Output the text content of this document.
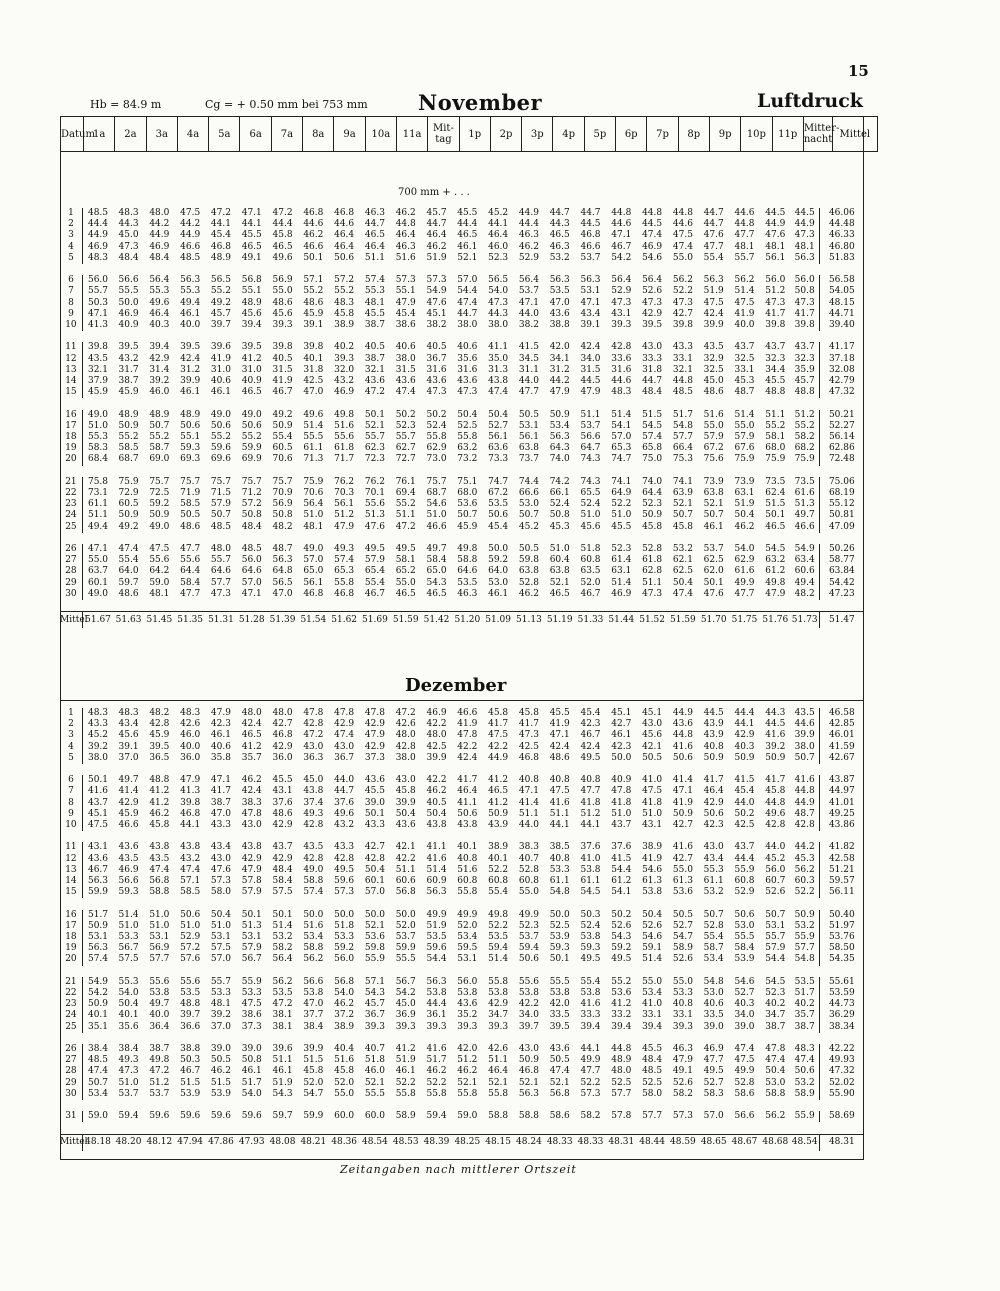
15
Hb = 84.9 m	Cg = + 0.50 mm bei 753 mm November	Luftdruck
Datum	1a	2a	3a	4a	5a	6a	7a	8a	9a	10a	11a	Mit-tag	1p	2p	3p	4p	5p	6p	7p	8p	9p	10p	11p	Mitter-nacht	Mittel
700 mm + . . .
1	48.5	48.3	48.0	47.5	47.2	47.1	47.2	46.8	46.8	46.3	46.2	45.7	45.5	45.2	44.9	44.7	44.7	44.8	44.8	44.8	44.7	44.6	44.5	44.5	46.06
2	44.4	44.3	44.2	44.2	44.1	44.1	44.4	44.6	44.6	44.7	44.8	44.7	44.4	44.1	44.4	44.3	44.5	44.6	44.5	44.6	44.7	44.8	44.9	44.9	44.48
3	44.9	45.0	44.9	44.9	45.4	45.5	45.8	46.2	46.4	46.5	46.4	46.4	46.5	46.4	46.3	46.5	46.8	47.1	47.4	47.5	47.6	47.7	47.6	47.3	46.33
4	46.9	47.3	46.9	46.6	46.8	46.5	46.5	46.6	46.4	46.4	46.3	46.2	46.1	46.0	46.2	46.3	46.6	46.7	46.9	47.4	47.7	48.1	48.1	48.1	46.80
5	48.3	48.4	48.4	48.5	48.9	49.1	49.6	50.1	50.6	51.1	51.6	51.9	52.1	52.3	52.9	53.2	53.7	54.2	54.6	55.0	55.4	55.7	56.1	56.3	51.83

6	56.0	56.6	56.4	56.3	56.5	56.8	56.9	57.1	57.2	57.4	57.3	57.3	57.0	56.5	56.4	56.3	56.3	56.4	56.4	56.2	56.3	56.2	56.0	56.0	56.58
7	55.7	55.5	55.3	55.3	55.2	55.1	55.0	55.2	55.2	55.3	55.1	54.9	54.4	54.0	53.7	53.5	53.1	52.9	52.6	52.2	51.9	51.4	51.2	50.8	54.05
8	50.3	50.0	49.6	49.4	49.2	48.9	48.6	48.6	48.3	48.1	47.9	47.6	47.4	47.3	47.1	47.0	47.1	47.3	47.3	47.3	47.5	47.5	47.3	47.3	48.15
9	47.1	46.9	46.4	46.1	45.7	45.6	45.6	45.9	45.8	45.5	45.4	45.1	44.7	44.3	44.0	43.6	43.4	43.1	42.9	42.7	42.4	41.9	41.7	41.7	44.71
10	41.3	40.9	40.3	40.0	39.7	39.4	39.3	39.1	38.9	38.7	38.6	38.2	38.0	38.0	38.2	38.8	39.1	39.3	39.5	39.8	39.9	40.0	39.8	39.8	39.40

11	39.8	39.5	39.4	39.5	39.6	39.5	39.8	39.8	40.2	40.5	40.6	40.5	40.6	41.1	41.5	42.0	42.4	42.8	43.0	43.3	43.5	43.7	43.7	43.7	41.17
12	43.5	43.2	42.9	42.4	41.9	41.2	40.5	40.1	39.3	38.7	38.0	36.7	35.6	35.0	34.5	34.1	34.0	33.6	33.3	33.1	32.9	32.5	32.3	32.3	37.18
13	32.1	31.7	31.4	31.2	31.0	31.0	31.5	31.8	32.0	32.1	31.5	31.6	31.6	31.3	31.1	31.2	31.5	31.6	31.8	32.1	32.5	33.1	34.4	35.9	32.08
14	37.9	38.7	39.2	39.9	40.6	40.9	41.9	42.5	43.2	43.6	43.6	43.6	43.6	43.8	44.0	44.2	44.5	44.6	44.7	44.8	45.0	45.3	45.5	45.7	42.79
15	45.9	45.9	46.0	46.1	46.1	46.5	46.7	47.0	46.9	47.2	47.4	47.3	47.3	47.4	47.7	47.9	47.9	48.3	48.4	48.5	48.6	48.7	48.8	48.8	47.32

16	49.0	48.9	48.9	48.9	49.0	49.0	49.2	49.6	49.8	50.1	50.2	50.2	50.4	50.4	50.5	50.9	51.1	51.4	51.5	51.7	51.6	51.4	51.1	51.2	50.21
17	51.0	50.9	50.7	50.6	50.6	50.6	50.9	51.4	51.6	52.1	52.3	52.4	52.5	52.7	53.1	53.4	53.7	54.1	54.5	54.8	55.0	55.0	55.2	55.2	52.27
18	55.3	55.2	55.2	55.1	55.2	55.2	55.4	55.5	55.6	55.7	55.7	55.8	55.8	56.1	56.1	56.3	56.6	57.0	57.4	57.7	57.9	57.9	58.1	58.2	56.14
19	58.3	58.5	58.7	59.3	59.6	59.9	60.5	61.1	61.8	62.3	62.7	62.9	63.2	63.6	63.8	64.3	64.7	65.3	65.8	66.4	67.2	67.6	68.0	68.2	62.86
20	68.4	68.7	69.0	69.3	69.6	69.9	70.6	71.3	71.7	72.3	72.7	73.0	73.2	73.3	73.7	74.0	74.3	74.7	75.0	75.3	75.6	75.9	75.9	75.9	72.48

21	75.8	75.9	75.7	75.7	75.7	75.7	75.7	75.9	76.2	76.2	76.1	75.7	75.1	74.7	74.4	74.2	74.3	74.1	74.0	74.1	73.9	73.9	73.5	73.5	75.06
22	73.1	72.9	72.5	71.9	71.5	71.2	70.9	70.6	70.3	70.1	69.4	68.7	68.0	67.2	66.6	66.1	65.5	64.9	64.4	63.9	63.8	63.1	62.4	61.6	68.19
23	61.1	60.5	59.2	58.5	57.9	57.2	56.9	56.4	56.1	55.6	55.2	54.6	53.6	53.5	53.0	52.4	52.4	52.2	52.3	52.1	52.1	51.9	51.5	51.3	55.12
24	51.1	50.9	50.9	50.5	50.7	50.8	50.8	51.0	51.2	51.3	51.1	51.0	50.7	50.6	50.7	50.8	51.0	51.0	50.9	50.7	50.7	50.4	50.1	49.7	50.81
25	49.4	49.2	49.0	48.6	48.5	48.4	48.2	48.1	47.9	47.6	47.2	46.6	45.9	45.4	45.2	45.3	45.6	45.5	45.8	45.8	46.1	46.2	46.5	46.6	47.09

26	47.1	47.4	47.5	47.7	48.0	48.5	48.7	49.0	49.3	49.5	49.5	49.7	49.8	50.0	50.5	51.0	51.8	52.3	52.8	53.2	53.7	54.0	54.5	54.9	50.26
27	55.0	55.4	55.6	55.6	55.7	56.0	56.3	57.0	57.4	57.9	58.1	58.4	58.8	59.2	59.8	60.4	60.8	61.4	61.8	62.1	62.5	62.9	63.2	63.4	58.77
28	63.7	64.0	64.2	64.4	64.6	64.6	64.8	65.0	65.3	65.4	65.2	65.0	64.6	64.0	63.8	63.8	63.5	63.1	62.8	62.5	62.0	61.6	61.2	60.6	63.84
29	60.1	59.7	59.0	58.4	57.7	57.0	56.5	56.1	55.8	55.4	55.0	54.3	53.5	53.0	52.8	52.1	52.0	51.4	51.1	50.4	50.1	49.9	49.8	49.4	54.42
30	49.0	48.6	48.1	47.7	47.3	47.1	47.0	46.8	46.8	46.7	46.5	46.5	46.3	46.1	46.2	46.5	46.7	46.9	47.3	47.4	47.6	47.7	47.9	48.2	47.23

Mittel	51.67	51.63	51.45	51.35	51.31	51.28	51.39	51.54	51.62	51.69	51.59	51.42	51.20	51.09	51.13	51.19	51.33	51.44	51.52	51.59	51.70	51.75	51.76	51.73	51.47
Dezember
1	48.3	48.3	48.2	48.3	47.9	48.0	48.0	47.8	47.8	47.8	47.2	46.9	46.6	45.8	45.8	45.5	45.4	45.1	45.1	44.9	44.5	44.4	44.3	43.5	46.58
2	43.3	43.4	42.8	42.6	42.3	42.4	42.7	42.8	42.9	42.9	42.6	42.2	41.9	41.7	41.7	41.9	42.3	42.7	43.0	43.6	43.9	44.1	44.5	44.6	42.85
3	45.2	45.6	45.9	46.0	46.1	46.5	46.8	47.2	47.4	47.9	48.0	48.0	47.8	47.5	47.3	47.1	46.7	46.1	45.6	44.8	43.9	42.9	41.6	39.9	46.01
4	39.2	39.1	39.5	40.0	40.6	41.2	42.9	43.0	43.0	42.9	42.8	42.5	42.2	42.2	42.5	42.4	42.4	42.3	42.1	41.6	40.8	40.3	39.2	38.0	41.59
5	38.0	37.0	36.5	36.0	35.8	35.7	36.0	36.3	36.7	37.3	38.0	39.9	42.4	44.9	46.8	48.6	49.5	50.0	50.5	50.6	50.9	50.9	50.9	50.7	42.67

6	50.1	49.7	48.8	47.9	47.1	46.2	45.5	45.0	44.0	43.6	43.0	42.2	41.7	41.2	40.8	40.8	40.8	40.9	41.0	41.4	41.7	41.5	41.7	41.6	43.87
7	41.6	41.4	41.2	41.3	41.7	42.4	43.1	43.8	44.7	45.5	45.8	46.2	46.4	46.5	47.1	47.5	47.7	47.8	47.5	47.1	46.4	45.4	45.8	44.8	44.97
8	43.7	42.9	41.2	39.8	38.7	38.3	37.6	37.4	37.6	39.0	39.9	40.5	41.1	41.2	41.4	41.6	41.8	41.8	41.8	41.9	42.9	44.0	44.8	44.9	41.01
9	45.1	45.9	46.2	46.8	47.0	47.8	48.6	49.3	49.6	50.1	50.4	50.4	50.6	50.9	51.1	51.1	51.2	51.0	51.0	50.9	50.6	50.2	49.6	48.7	49.25
10	47.5	46.6	45.8	44.1	43.3	43.0	42.9	42.8	43.2	43.3	43.6	43.8	43.8	43.9	44.0	44.1	44.1	43.7	43.1	42.7	42.3	42.5	42.8	42.8	43.86

11	43.1	43.6	43.8	43.8	43.4	43.8	43.7	43.5	43.3	42.7	42.1	41.1	40.1	38.9	38.3	38.5	37.6	37.6	38.9	41.6	43.0	43.7	44.0	44.2	41.82
12	43.6	43.5	43.5	43.2	43.0	42.9	42.9	42.8	42.8	42.8	42.2	41.6	40.8	40.1	40.7	40.8	41.0	41.5	41.9	42.7	43.4	44.4	45.2	45.3	42.58
13	46.7	46.9	47.4	47.4	47.6	47.9	48.4	49.0	49.5	50.4	51.1	51.4	51.6	52.2	52.8	53.3	53.8	54.4	54.6	55.0	55.3	55.9	56.0	56.2	51.21
14	56.3	56.6	56.8	57.1	57.3	57.8	58.4	58.8	59.6	60.1	60.6	60.9	60.8	60.8	60.8	61.1	61.1	61.2	61.3	61.3	61.1	60.8	60.7	60.3	59.57
15	59.9	59.3	58.8	58.5	58.0	57.9	57.5	57.4	57.3	57.0	56.8	56.3	55.8	55.4	55.0	54.8	54.5	54.1	53.8	53.6	53.2	52.9	52.6	52.2	56.11

16	51.7	51.4	51.0	50.6	50.4	50.1	50.1	50.0	50.0	50.0	50.0	49.9	49.9	49.8	49.9	50.0	50.3	50.2	50.4	50.5	50.7	50.6	50.7	50.9	50.40
17	50.9	51.0	51.0	51.0	51.0	51.3	51.4	51.6	51.8	52.1	52.0	51.9	52.0	52.2	52.3	52.5	52.4	52.6	52.6	52.7	52.8	53.0	53.1	53.2	51.97
18	53.1	53.3	53.1	52.9	53.1	53.1	53.2	53.4	53.3	53.6	53.7	53.5	53.4	53.5	53.7	53.9	53.8	54.3	54.6	54.7	55.4	55.5	55.7	55.9	53.76
19	56.3	56.7	56.9	57.2	57.5	57.9	58.2	58.8	59.2	59.8	59.9	59.6	59.5	59.4	59.4	59.3	59.3	59.2	59.1	58.9	58.7	58.4	57.9	57.7	58.50
20	57.4	57.5	57.7	57.6	57.0	56.7	56.4	56.2	56.0	55.9	55.5	54.4	53.1	51.4	50.6	50.1	49.5	49.5	51.4	52.6	53.4	53.9	54.4	54.8	54.35

21	54.9	55.3	55.6	55.6	55.7	55.9	56.2	56.6	56.8	57.1	56.7	56.3	56.0	55.8	55.6	55.5	55.4	55.2	55.0	55.0	54.8	54.6	54.5	53.5	55.61
22	54.2	54.0	53.8	53.5	53.3	53.3	53.5	53.8	54.0	54.3	54.2	53.8	53.8	53.8	53.8	53.8	53.8	53.6	53.4	53.3	53.0	52.7	52.3	51.7	53.59
23	50.9	50.4	49.7	48.8	48.1	47.5	47.2	47.0	46.2	45.7	45.0	44.4	43.6	42.9	42.2	42.0	41.6	41.2	41.0	40.8	40.6	40.3	40.2	40.2	44.73
24	40.1	40.1	40.0	39.7	39.2	38.6	38.1	37.7	37.2	36.7	36.9	36.1	35.2	34.7	34.0	33.5	33.3	33.2	33.1	33.1	33.5	34.0	34.7	35.7	36.29
25	35.1	35.6	36.4	36.6	37.0	37.3	38.1	38.4	38.9	39.3	39.3	39.3	39.3	39.3	39.7	39.5	39.4	39.4	39.4	39.3	39.0	39.0	38.7	38.7	38.34

26	38.4	38.4	38.7	38.8	39.0	39.0	39.6	39.9	40.4	40.7	41.2	41.6	42.0	42.6	43.0	43.6	44.1	44.8	45.5	46.3	46.9	47.4	47.8	48.3	42.22
27	48.5	49.3	49.8	50.3	50.5	50.8	51.1	51.5	51.6	51.8	51.9	51.7	51.2	51.1	50.9	50.5	49.9	48.9	48.4	47.9	47.7	47.5	47.4	47.4	49.93
28	47.4	47.3	47.2	46.7	46.2	46.1	46.1	45.8	45.8	46.0	46.1	46.2	46.2	46.4	46.8	47.4	47.7	48.0	48.5	49.1	49.5	49.9	50.4	50.6	47.32
29	50.7	51.0	51.2	51.5	51.5	51.7	51.9	52.0	52.0	52.1	52.2	52.2	52.1	52.1	52.1	52.1	52.2	52.5	52.5	52.6	52.7	52.8	53.0	53.2	52.02
30	53.4	53.7	53.7	53.9	53.9	54.0	54.3	54.7	55.0	55.5	55.8	55.8	55.8	55.8	56.3	56.8	57.3	57.7	58.0	58.2	58.3	58.6	58.8	58.9	55.90

31	59.0	59.4	59.6	59.6	59.6	59.6	59.7	59.9	60.0	60.0	58.9	59.4	59.0	58.8	58.8	58.6	58.2	57.8	57.7	57.3	57.0	56.6	56.2	55.9	58.69

Mittel	48.18	48.20	48.12	47.94	47.86	47.93	48.08	48.21	48.36	48.54	48.53	48.39	48.25	48.15	48.24	48.33	48.33	48.31	48.44	48.59	48.65	48.67	48.68	48.54	48.31
Zeitangaben nach mittlerer Ortszeit
